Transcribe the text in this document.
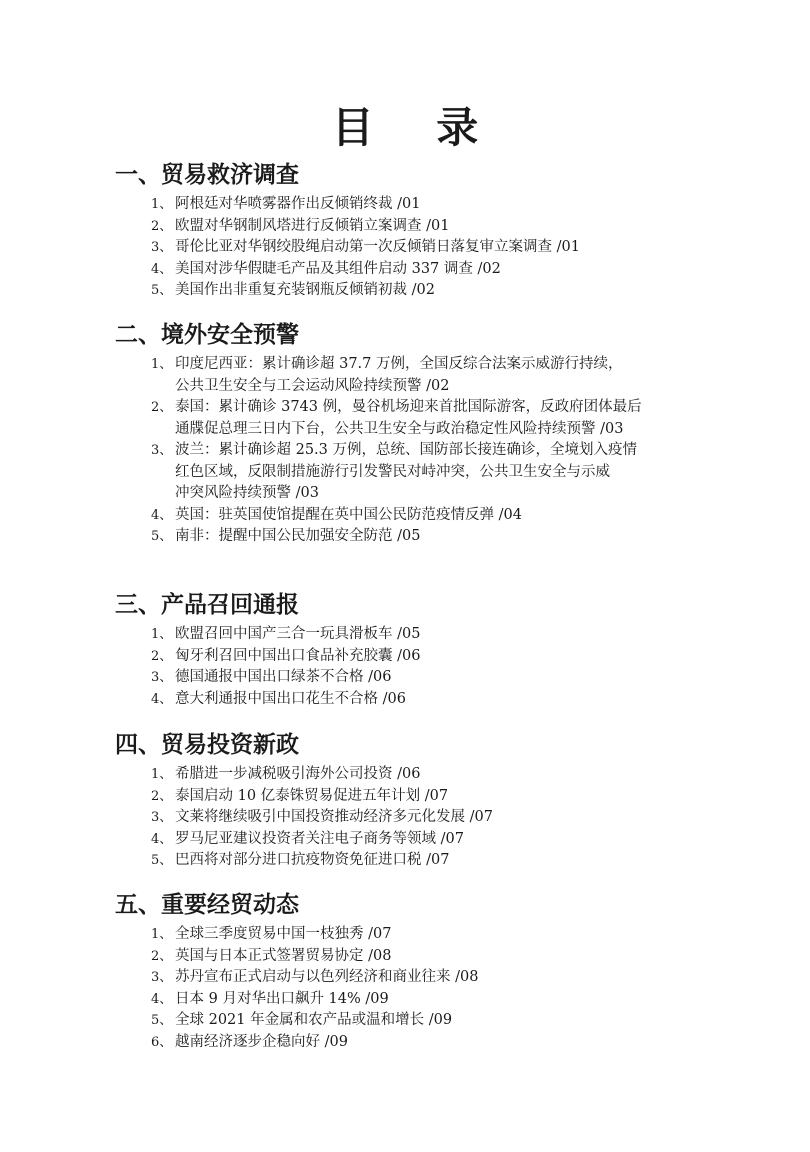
目 录
一、贸易救济调查
1、 阿根廷对华喷雾器作出反倾销终裁 /01
2、 欧盟对华钢制风塔进行反倾销立案调查 /01
3、 哥伦比亚对华钢绞股绳启动第一次反倾销日落复审立案调查 /01
4、 美国对涉华假睫毛产品及其组件启动 337 调查 /02
5、 美国作出非重复充装钢瓶反倾销初裁 /02
二、境外安全预警
1、 印度尼西亚：累计确诊超 37.7 万例，全国反综合法案示威游行持续，
公共卫生安全与工会运动风险持续预警 /02
2、 泰国：累计确诊 3743 例，曼谷机场迎来首批国际游客，反政府团体最后
通牒促总理三日内下台，公共卫生安全与政治稳定性风险持续预警 /03
3、 波兰：累计确诊超 25.3 万例，总统、国防部长接连确诊，全境划入疫情
红色区域，反限制措施游行引发警民对峙冲突，公共卫生安全与示威
冲突风险持续预警 /03
4、 英国：驻英国使馆提醒在英中国公民防范疫情反弹 /04
5、 南非：提醒中国公民加强安全防范 /05
三、产品召回通报
1、 欧盟召回中国产三合一玩具滑板车 /05
2、 匈牙利召回中国出口食品补充胶囊 /06
3、 德国通报中国出口绿茶不合格 /06
4、 意大利通报中国出口花生不合格 /06
四、贸易投资新政
1、 希腊进一步减税吸引海外公司投资 /06
2、 泰国启动 10 亿泰铢贸易促进五年计划 /07
3、 文莱将继续吸引中国投资推动经济多元化发展 /07
4、 罗马尼亚建议投资者关注电子商务等领域 /07
5、 巴西将对部分进口抗疫物资免征进口税 /07
五、重要经贸动态
1、 全球三季度贸易中国一枝独秀 /07
2、 英国与日本正式签署贸易协定 /08
3、 苏丹宣布正式启动与以色列经济和商业往来 /08
4、 日本 9 月对华出口飙升 14% /09
5、 全球 2021 年金属和农产品或温和增长 /09
6、 越南经济逐步企稳向好 /09
